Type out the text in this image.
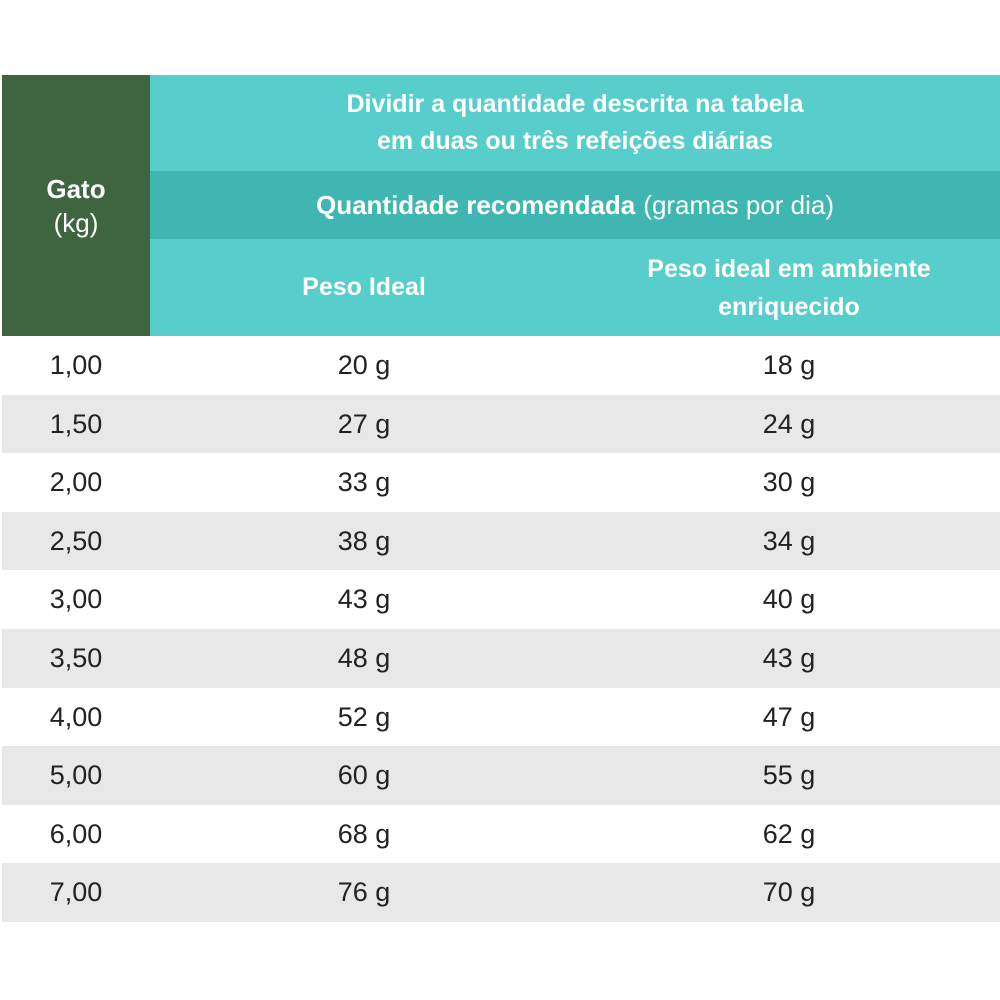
Gato
(kg)
Dividir a quantidade descrita na tabela
em duas ou três refeições diárias
Quantidade recomendada (gramas por dia)
Peso Ideal
Peso ideal em ambiente
enriquecido
1,00	20 g	18 g
1,50	27 g	24 g
2,00	33 g	30 g
2,50	38 g	34 g
3,00	43 g	40 g
3,50	48 g	43 g
4,00	52 g	47 g
5,00	60 g	55 g
6,00	68 g	62 g
7,00	76 g	70 g
